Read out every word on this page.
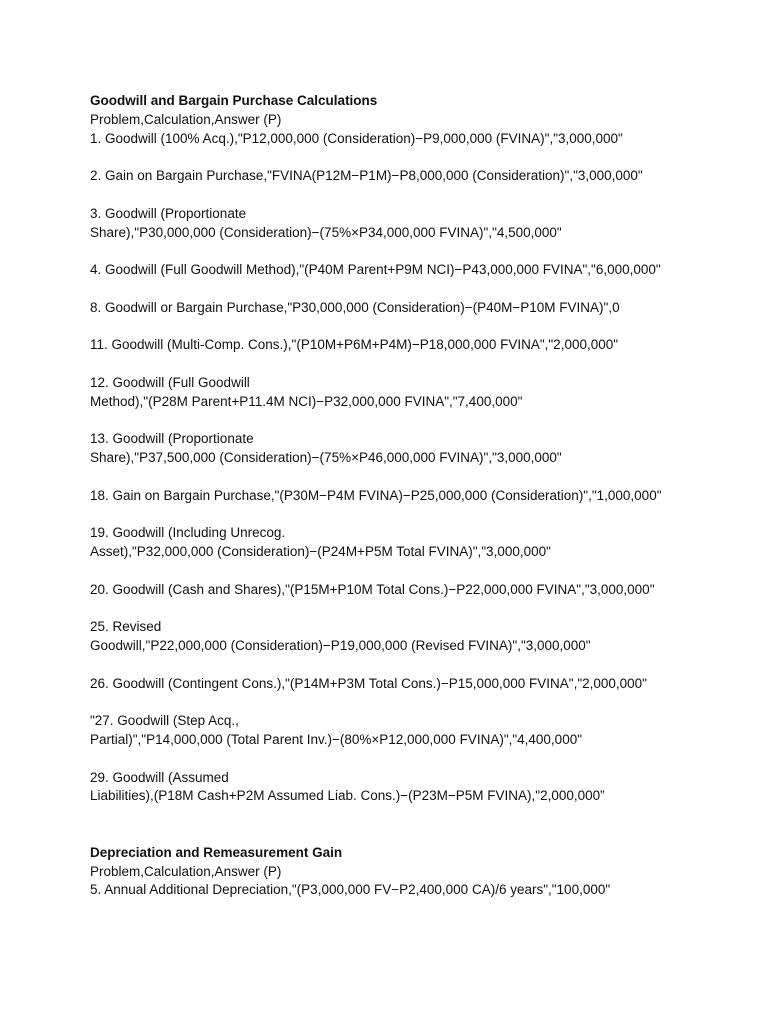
Goodwill and Bargain Purchase Calculations
Problem,Calculation,Answer (P)
1. Goodwill (100% Acq.),"P12,000,000 (Consideration)−P9,000,000 (FVINA)","3,000,000"
2. Gain on Bargain Purchase,"FVINA(P12M−P1M)−P8,000,000 (Consideration)","3,000,000"
3. Goodwill (Proportionate
Share),"P30,000,000 (Consideration)−(75%×P34,000,000 FVINA)","4,500,000"
4. Goodwill (Full Goodwill Method),"(P40M Parent+P9M NCI)−P43,000,000 FVINA","6,000,000"
8. Goodwill or Bargain Purchase,"P30,000,000 (Consideration)−(P40M−P10M FVINA)",0
11. Goodwill (Multi-Comp. Cons.),"(P10M+P6M+P4M)−P18,000,000 FVINA","2,000,000"
12. Goodwill (Full Goodwill
Method),"(P28M Parent+P11.4M NCI)−P32,000,000 FVINA","7,400,000"
13. Goodwill (Proportionate
Share),"P37,500,000 (Consideration)−(75%×P46,000,000 FVINA)","3,000,000"
18. Gain on Bargain Purchase,"(P30M−P4M FVINA)−P25,000,000 (Consideration)","1,000,000"
19. Goodwill (Including Unrecog.
Asset),"P32,000,000 (Consideration)−(P24M+P5M Total FVINA)","3,000,000"
20. Goodwill (Cash and Shares),"(P15M+P10M Total Cons.)−P22,000,000 FVINA","3,000,000"
25. Revised
Goodwill,"P22,000,000 (Consideration)−P19,000,000 (Revised FVINA)","3,000,000"
26. Goodwill (Contingent Cons.),"(P14M+P3M Total Cons.)−P15,000,000 FVINA","2,000,000"
"27. Goodwill (Step Acq.,
Partial)","P14,000,000 (Total Parent Inv.)−(80%×P12,000,000 FVINA)","4,400,000"
29. Goodwill (Assumed
Liabilities),(P18M Cash+P2M Assumed Liab. Cons.)−(P23M−P5M FVINA),"2,000,000”
Depreciation and Remeasurement Gain
Problem,Calculation,Answer (P)
5. Annual Additional Depreciation,"(P3,000,000 FV−P2,400,000 CA)/6 years","100,000"
